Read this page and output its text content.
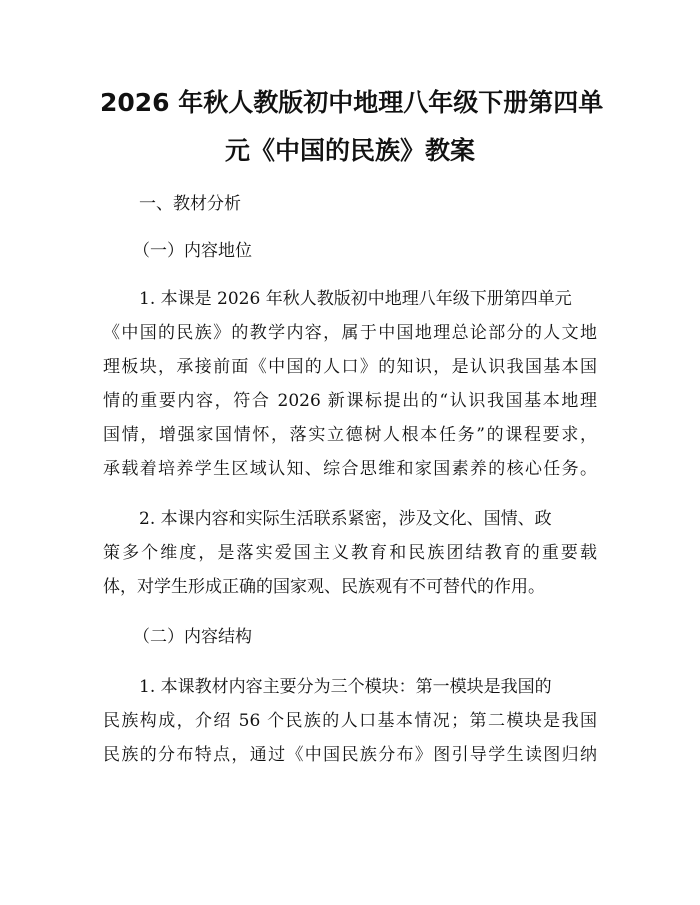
2026 年秋人教版初中地理八年级下册第四单
元《中国的民族》教案

一、教材分析

（一）内容地位

1. 本课是 2026 年秋人教版初中地理八年级下册第四单元

《中国的民族》的教学内容，属于中国地理总论部分的人文地

理板块，承接前面《中国的人口》的知识，是认识我国基本国

情的重要内容，符合 2026 新课标提出的“认识我国基本地理

国情，增强家国情怀，落实立德树人根本任务”的课程要求，

承载着培养学生区域认知、综合思维和家国素养的核心任务。

2. 本课内容和实际生活联系紧密，涉及文化、国情、政

策多个维度，是落实爱国主义教育和民族团结教育的重要载

体，对学生形成正确的国家观、民族观有不可替代的作用。

（二）内容结构

1. 本课教材内容主要分为三个模块：第一模块是我国的

民族构成，介绍 56 个民族的人口基本情况；第二模块是我国

民族的分布特点，通过《中国民族分布》图引导学生读图归纳
